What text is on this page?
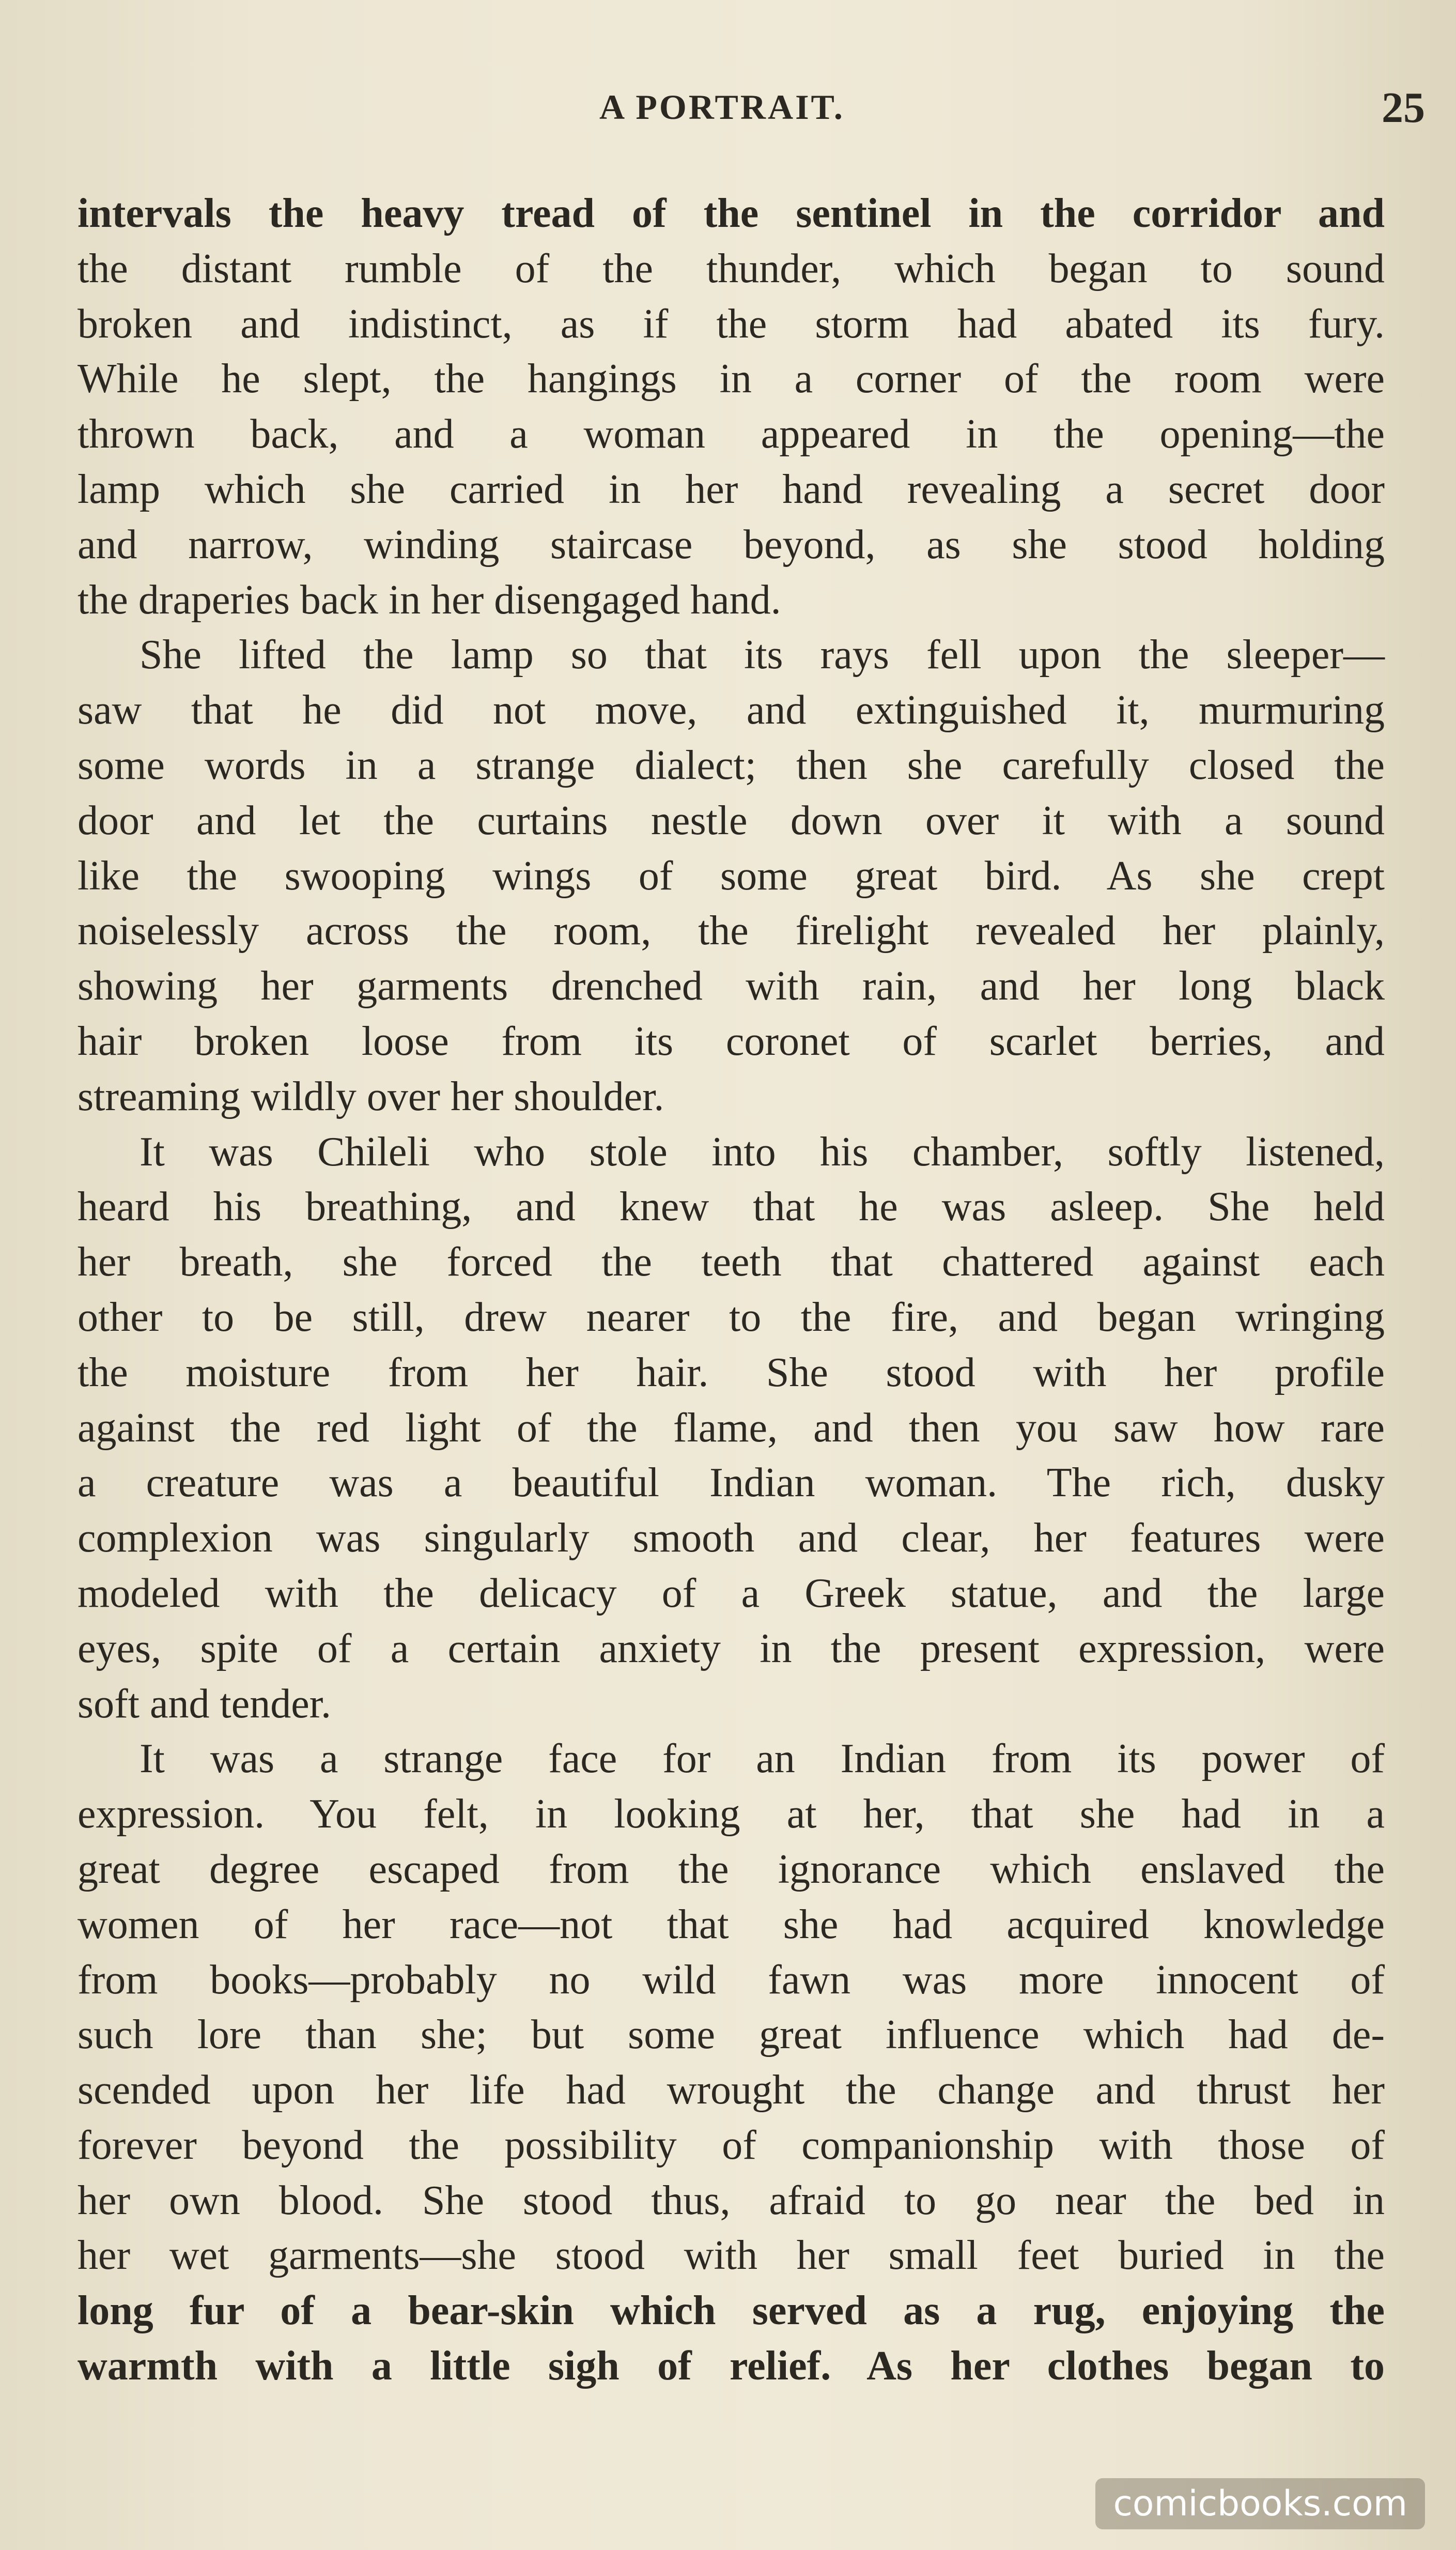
A PORTRAIT.	25
intervals the heavy tread of the sentinel in the corridor and
the distant rumble of the thunder, which began to sound
broken and indistinct, as if the storm had abated its fury.
While he slept, the hangings in a corner of the room were
thrown back, and a woman appeared in the opening—the
lamp which she carried in her hand revealing a secret door
and narrow, winding staircase beyond, as she stood holding
the draperies back in her disengaged hand.
She lifted the lamp so that its rays fell upon the sleeper—
saw that he did not move, and extinguished it, murmuring
some words in a strange dialect; then she carefully closed the
door and let the curtains nestle down over it with a sound
like the swooping wings of some great bird. As she crept
noiselessly across the room, the firelight revealed her plainly,
showing her garments drenched with rain, and her long black
hair broken loose from its coronet of scarlet berries, and
streaming wildly over her shoulder.
It was Chileli who stole into his chamber, softly listened,
heard his breathing, and knew that he was asleep. She held
her breath, she forced the teeth that chattered against each
other to be still, drew nearer to the fire, and began wringing
the moisture from her hair. She stood with her profile
against the red light of the flame, and then you saw how rare
a creature was a beautiful Indian woman. The rich, dusky
complexion was singularly smooth and clear, her features were
modeled with the delicacy of a Greek statue, and the large
eyes, spite of a certain anxiety in the present expression, were
soft and tender.
It was a strange face for an Indian from its power of
expression. You felt, in looking at her, that she had in a
great degree escaped from the ignorance which enslaved the
women of her race—not that she had acquired knowledge
from books—probably no wild fawn was more innocent of
such lore than she; but some great influence which had de-
scended upon her life had wrought the change and thrust her
forever beyond the possibility of companionship with those of
her own blood. She stood thus, afraid to go near the bed in
her wet garments—she stood with her small feet buried in the
long fur of a bear-skin which served as a rug, enjoying the
warmth with a little sigh of relief. As her clothes began to
comicbooks.com
